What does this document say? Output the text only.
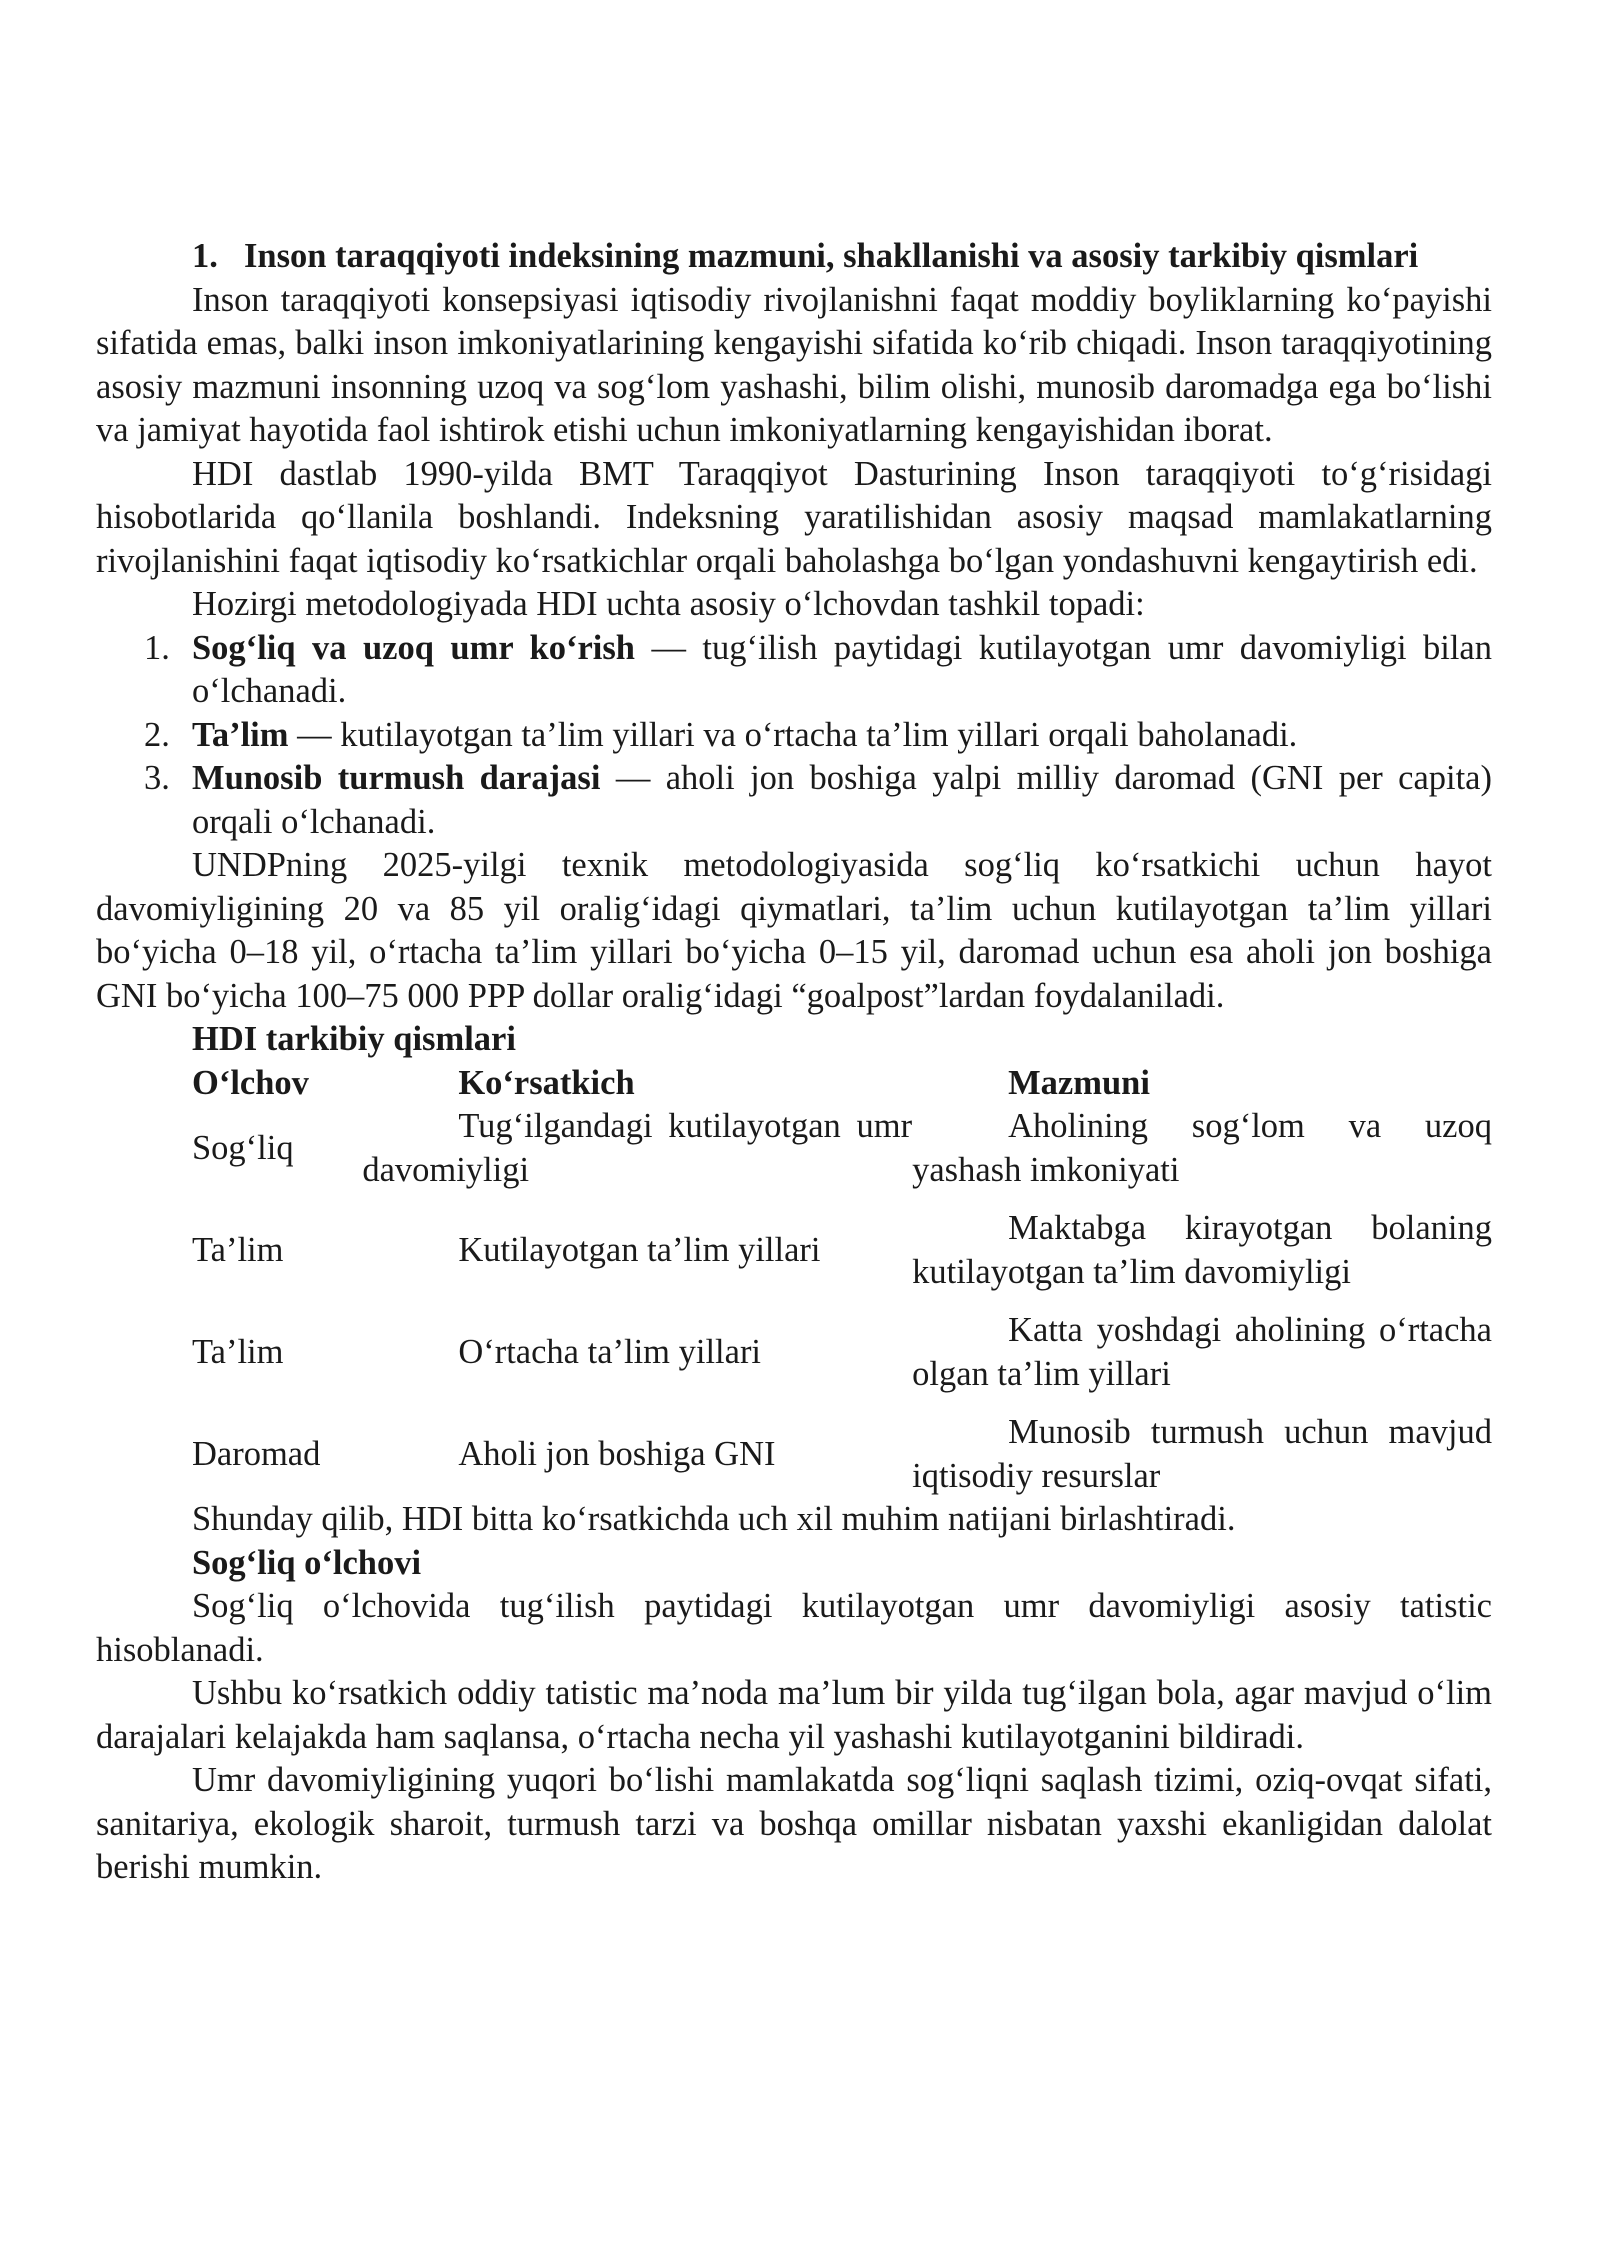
1. Inson taraqqiyoti indeksining mazmuni, shakllanishi va asosiy tarkibiy qismlari

Inson taraqqiyoti konsepsiyasi iqtisodiy rivojlanishni faqat moddiy boyliklarning ko‘payishi sifatida emas, balki inson imkoniyatlarining kengayishi sifatida ko‘rib chiqadi. Inson taraqqiyotining asosiy mazmuni insonning uzoq va sog‘lom yashashi, bilim olishi, munosib daromadga ega bo‘lishi va jamiyat hayotida faol ishtirok etishi uchun imkoniyatlarning kengayishidan iborat.

HDI dastlab 1990-yilda BMT Taraqqiyot Dasturining Inson taraqqiyoti to‘g‘risidagi hisobotlarida qo‘llanila boshlandi. Indeksning yaratilishidan asosiy maqsad mamlakatlarning rivojlanishini faqat iqtisodiy ko‘rsatkichlar orqali baholashga bo‘lgan yondashuvni kengaytirish edi.

Hozirgi metodologiyada HDI uchta asosiy o‘lchovdan tashkil topadi:

1. Sog‘liq va uzoq umr ko‘rish — tug‘ilish paytidagi kutilayotgan umr davomiyligi bilan o‘lchanadi.
2. Ta’lim — kutilayotgan ta’lim yillari va o‘rtacha ta’lim yillari orqali baholanadi.
3. Munosib turmush darajasi — aholi jon boshiga yalpi milliy daromad (GNI per capita) orqali o‘lchanadi.

UNDPning 2025-yilgi texnik metodologiyasida sog‘liq ko‘rsatkichi uchun hayot davomiyligining 20 va 85 yil oralig‘idagi qiymatlari, ta’lim uchun kutilayotgan ta’lim yillari bo‘yicha 0–18 yil, o‘rtacha ta’lim yillari bo‘yicha 0–15 yil, daromad uchun esa aholi jon boshiga GNI bo‘yicha 100–75 000 PPP dollar oralig‘idagi “goalpost”lardan foydalaniladi.

HDI tarkibiy qismlari
O‘lchov	Ko‘rsatkich	Mazmuni
Sog‘liq	Tug‘ilgandagi kutilayotgan umr davomiyligi	Aholining sog‘lom va uzoq yashash imkoniyati

Ta’lim	Kutilayotgan ta’lim yillari	Maktabga kirayotgan bolaning kutilayotgan ta’lim davomiyligi

Ta’lim	O‘rtacha ta’lim yillari	Katta yoshdagi aholining o‘rtacha olgan ta’lim yillari

Daromad	Aholi jon boshiga GNI	Munosib turmush uchun mavjud iqtisodiy resurslar

Shunday qilib, HDI bitta ko‘rsatkichda uch xil muhim natijani birlashtiradi.

Sog‘liq o‘lchovi

Sog‘liq o‘lchovida tug‘ilish paytidagi kutilayotgan umr davomiyligi asosiy tatistic hisoblanadi.

Ushbu ko‘rsatkich oddiy tatistic ma’noda ma’lum bir yilda tug‘ilgan bola, agar mavjud o‘lim darajalari kelajakda ham saqlansa, o‘rtacha necha yil yashashi kutilayotganini bildiradi.

Umr davomiyligining yuqori bo‘lishi mamlakatda sog‘liqni saqlash tizimi, oziq-ovqat sifati, sanitariya, ekologik sharoit, turmush tarzi va boshqa omillar nisbatan yaxshi ekanligidan dalolat berishi mumkin.
